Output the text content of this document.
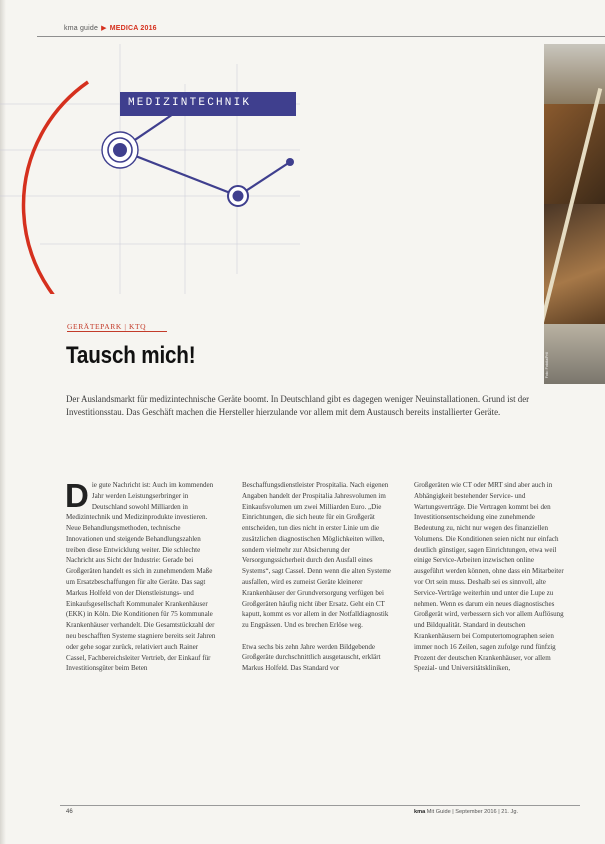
kma guide ▶ MEDICA 2016
Foto: Fotolia/Prill
MEDIZINTECHNIK
GERÄTEPARK | KTQ
Tausch mich!

Der Auslandsmarkt für medizintechnische Geräte boomt. In Deutschland gibt es dagegen weniger Neuinstallationen. Grund ist der Investitionsstau. Das Geschäft machen die Hersteller hierzulande vor allem mit dem Austausch bereits installierter Geräte.

D ie gute Nachricht ist: Auch im kommenden Jahr werden Leistungserbringer in Deutschland sowohl Milliarden in Medizintechnik und Medizinprodukte investieren. Neue Behandlungsmethoden, technische Innovationen und steigende Behandlungszahlen treiben diese Entwicklung weiter. Die schlechte Nachricht aus Sicht der Industrie: Gerade bei Großgeräten handelt es sich in zunehmendem Maße um Ersatzbeschaffungen für alte Geräte. Das sagt Markus Holfeld von der Dienstleistungs- und Einkaufsgesellschaft Kommunaler Krankenhäuser (EKK) in Köln. Die Konditionen für 75 kommunale Krankenhäuser verhandelt. Die Gesamtstückzahl der neu beschafften Systeme stagniere bereits seit Jahren oder gehe sogar zurück, relativiert auch Rainer Cassel, Fachbereichsleiter Vertrieb, der Einkauf für Investitionsgüter beim Beten

Beschaffungsdienstleister Prospitalia. Nach eigenen Angaben handelt der Prospitalia Jahresvolumen im Einkaufsvolumen um zwei Milliarden Euro. „Die Einrichtungen, die sich heute für ein Großgerät entscheiden, tun dies nicht in erster Linie um die zusätzlichen diagnostischen Möglichkeiten willen, sondern vielmehr zur Absicherung der Versorgungssicherheit durch den Ausfall eines Systems“, sagt Cassel. Denn wenn die alten Systeme ausfallen, wird es zumeist Geräte kleinerer Krankenhäuser der Grundversorgung verfügen bei Großgeräten häufig nicht über Ersatz. Geht ein CT kaputt, kommt es vor allem in der Notfalldiagnostik zu Engpässen. Und es brechen Erlöse weg.

Etwa sechs bis zehn Jahre werden Bildgebende Großgeräte durchschnittlich ausgetauscht, erklärt Markus Holfeld. Das Standard vor

Großgeräten wie CT oder MRT sind aber auch in Abhängigkeit bestehender Service- und Wartungsverträge. Die Vertragen kommt bei den Investitionsentscheidung eine zunehmende Bedeutung zu, nicht nur wegen des finanziellen Volumens. Die Konditionen seien nicht nur einfach deutlich günstiger, sagen Einrichtungen, etwa weil einige Service-Arbeiten inzwischen online ausgeführt werden können, ohne dass ein Mitarbeiter vor Ort sein muss. Deshalb sei es sinnvoll, alte Service-Verträge weiterhin und unter die Lupe zu nehmen. Wenn es darum ein neues diagnostisches Großgerät wird, verbessern sich vor allem Auflösung und Bildqualität. Standard in deutschen Krankenhäusern bei Computertomographen seien immer noch 16 Zeilen, sagen zufolge rund fünfzig Prozent der deutschen Krankenhäuser, vor allem Spezial- und Universitätskliniken,

46	kma Mit Guide | September 2016 | 21. Jg.
